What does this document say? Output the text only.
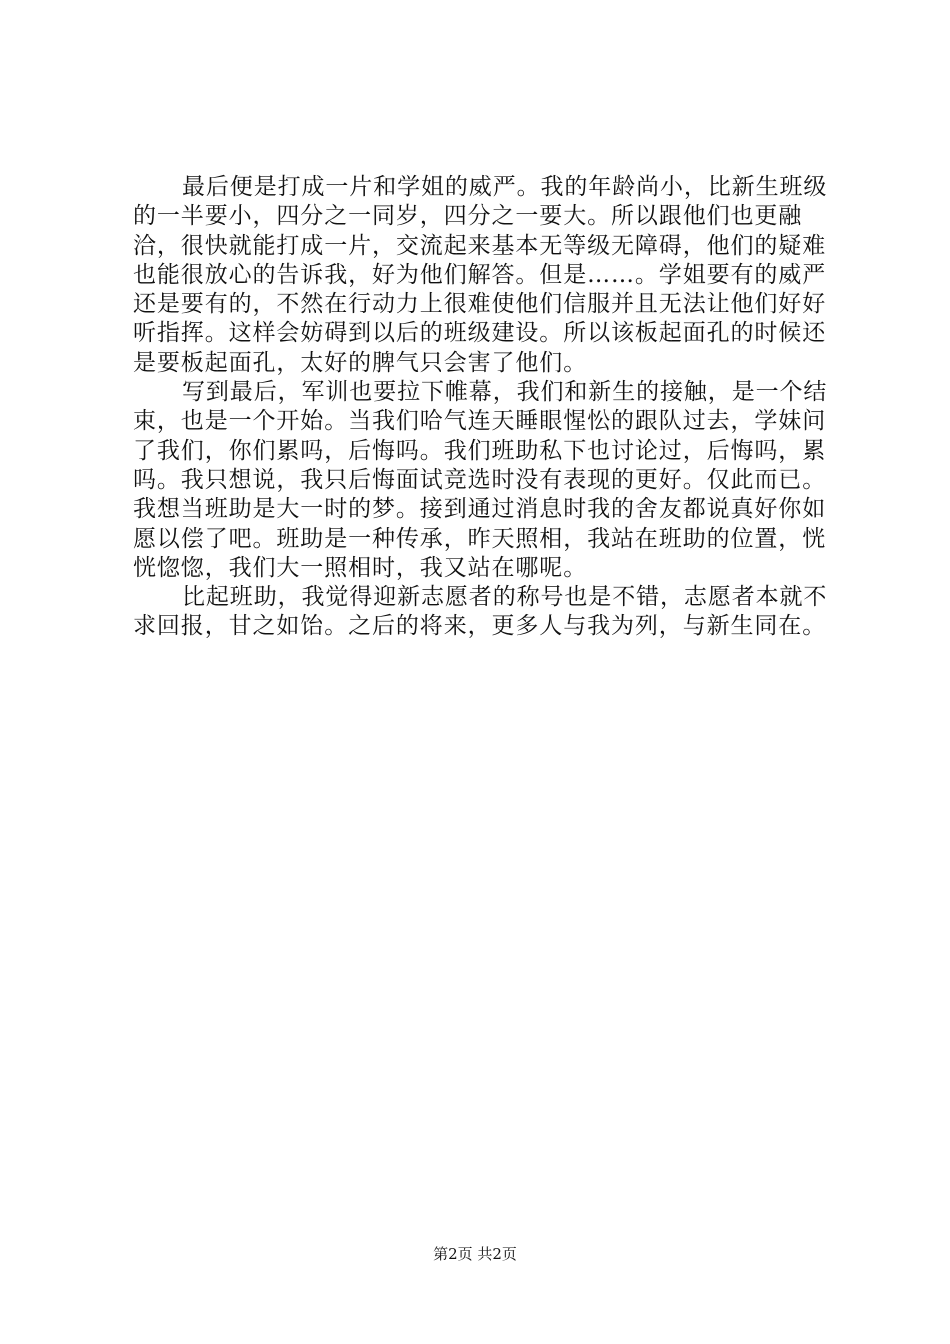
最后便是打成一片和学姐的威严。我的年龄尚小，比新生班级的一半要小，四分之一同岁，四分之一要大。所以跟他们也更融洽，很快就能打成一片，交流起来基本无等级无障碍，他们的疑难也能很放心的告诉我，好为他们解答。但是……。学姐要有的威严还是要有的，不然在行动力上很难使他们信服并且无法让他们好好听指挥。这样会妨碍到以后的班级建设。所以该板起面孔的时候还是要板起面孔，太好的脾气只会害了他们。

写到最后，军训也要拉下帷幕，我们和新生的接触，是一个结束，也是一个开始。当我们哈气连天睡眼惺忪的跟队过去，学妹问了我们，你们累吗，后悔吗。我们班助私下也讨论过，后悔吗，累吗。我只想说，我只后悔面试竞选时没有表现的更好。仅此而已。我想当班助是大一时的梦。接到通过消息时我的舍友都说真好你如愿以偿了吧。班助是一种传承，昨天照相，我站在班助的位置，恍恍惚惚，我们大一照相时，我又站在哪呢。

比起班助，我觉得迎新志愿者的称号也是不错，志愿者本就不求回报，甘之如饴。之后的将来，更多人与我为列，与新生同在。

第2页 共2页
